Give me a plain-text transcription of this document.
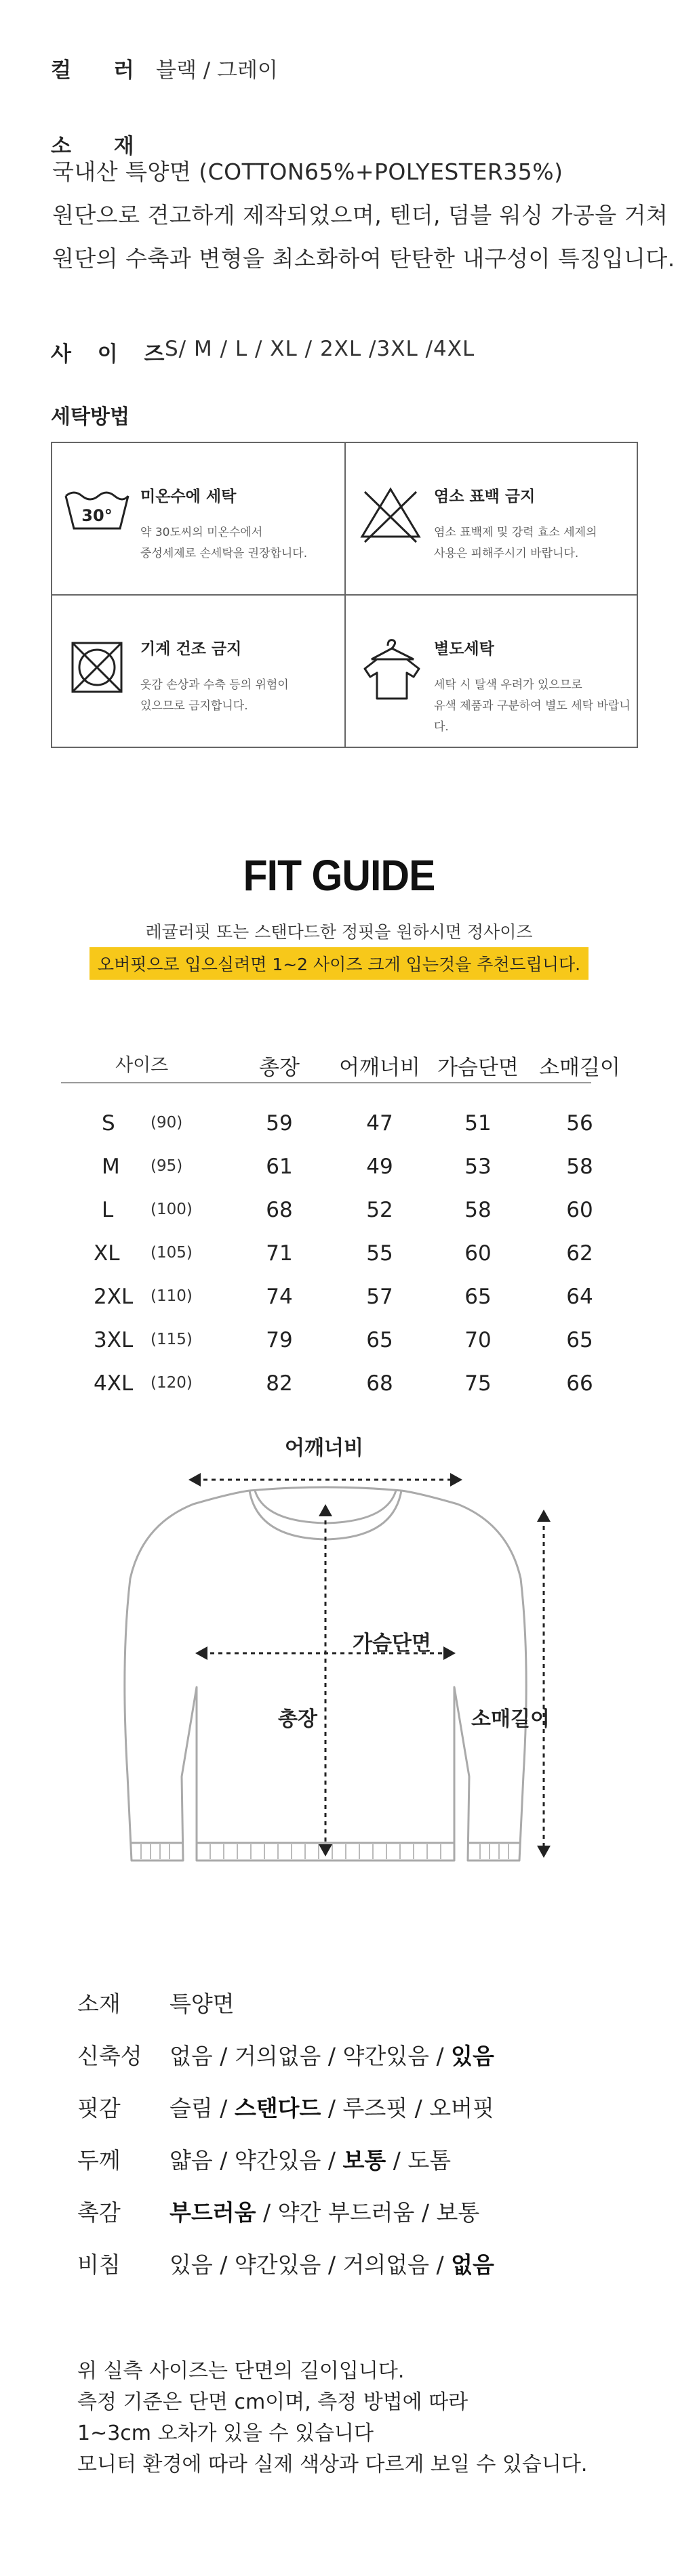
컬 러 블랙 / 그레이
소 재
국내산 특양면 (COTTON65%+POLYESTER35%)
원단으로 견고하게 제작되었으며, 텐더, 덤블 워싱 가공을 거쳐
원단의 수축과 변형을 최소화하여 탄탄한 내구성이 특징입니다.
사 이 즈
S/ M / L / XL / 2XL /3XL /4XL
세탁방법
30°
미온수에 세탁
약 30도씨의 미온수에서
중성세제로 손세탁을 권장합니다.
염소 표백 금지
염소 표백제 및 강력 효소 세제의
사용은 피해주시기 바랍니다.
기계 건조 금지
옷감 손상과 수축 등의 위험이
있으므로 금지합니다.
별도세탁
세탁 시 탈색 우려가 있으므로
유색 제품과 구분하여 별도 세탁 바랍니다.
FIT GUIDE
레귤러핏 또는 스탠다드한 정핏을 원하시면 정사이즈
오버핏으로 입으실려면 1~2 사이즈 크게 입는것을 추천드립니다.
사이즈	총장	어깨너비 가슴단면 소매길이
S (90)	59	47	51	56
M (95)	61	49	53	58
L (100)	68	52	58	60
XL (105)	71	55	60	62
2XL (110)	74	57	65	64
3XL (115)	79	65	70	65
4XL (120)	82	68	75	66
어깨너비
가슴단면
총장	소매길이
소재 특양면
신축성 없음 / 거의없음 / 약간있음 / 있음
핏감 슬림 / 스탠다드 / 루즈핏 / 오버핏
두께 얇음 / 약간있음 / 보통 / 도톰
촉감 부드러움 / 약간 부드러움 / 보통
비침 있음 / 약간있음 / 거의없음 / 없음
위 실측 사이즈는 단면의 길이입니다.
측정 기준은 단면 cm이며, 측정 방법에 따라
1~3cm 오차가 있을 수 있습니다
모니터 환경에 따라 실제 색상과 다르게 보일 수 있습니다.
